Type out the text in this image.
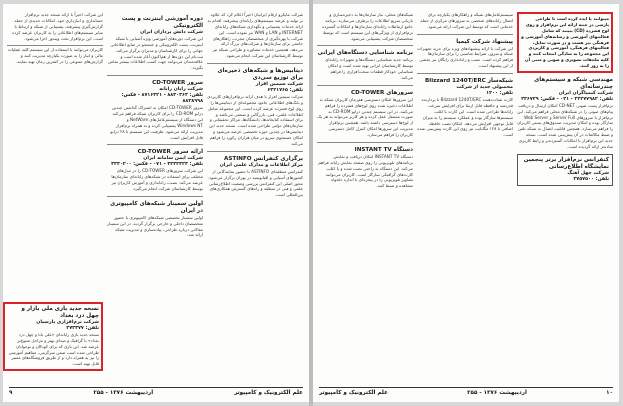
شرکت مایکرو ارقام ایرانیان اخیراً اعلام کرد که علاوه بر تولید و عرضه سیستم‌های رایانه‌ای پیشرفته، اقدام به ارائه خدمات پشتیبانی و نگهداری شبکه‌های رایانه‌ای INTERNET و LAN و WAN نیز نموده است. این شرکت با بهره‌گیری از متخصصان مجرب، راهکارهای جامعی برای سازمان‌ها و شرکت‌های بزرگ ارائه می‌دهد. همچنین خدمات مشاوره و طراحی شبکه نیز توسط کارشناسان این شرکت انجام می‌شود.
دیتابیس‌ها و شبکه‌های ذخیره‌ای برای توزیع سی‌دی
شرکت سیمین افزار
تلفن: ۶۴۲۱۷۶۵
شرکت سیمین افزار با هدف ارائه نرم‌افزارهای کاربردی و بانک‌های اطلاعاتی جامع، مجموعه‌ای از دیتابیس‌ها را روی لوح فشرده عرضه کرده است. این مجموعه شامل اطلاعات علمی، فنی، بازرگانی و صنعتی می‌باشد و برای استفاده کتابخانه‌ها، دانشگاه‌ها، مراکز تحقیقاتی و سازمان‌های دولتی طراحی شده است. نسخه جدید این دیتابیس‌ها در چندین حوزه تخصصی عرضه می‌شود و امکان جستجوی سریع در میان هزاران رکورد را فراهم می‌کند.
برگزاری کنفرانس ASTINFO
مرکز اطلاعات و مدارک علمی ایران
کنفرانس منطقه‌ای ASTINFO با حضور نمایندگانی از کشورهای آسیایی و اقیانوسیه در تهران برگزار می‌شود. محور اصلی این کنفرانس بررسی وضعیت اطلاع‌رسانی علمی و فنی در منطقه و راه‌های گسترش همکاری‌های بین‌المللی است.
دوره آموزشی اینترنت و پست الکترونیکی
شرکت دانش پردازان ایران
این شرکت دوره‌های آموزشی ویژه آشنایی با شبکه اینترنت، پست الکترونیکی و جستجو در منابع اطلاعاتی جهانی را برای کارشناسان و مدیران برگزار می‌کند. ثبت‌نام این دوره‌ها از هم‌اکنون آغاز شده است و علاقه‌مندان می‌توانند جهت کسب اطلاعات بیشتر تماس بگیرند.
سرور CD-TOWER
شرکت رایان رایانه
تلفن: ۸۸۳۰۴۶۴ - ۸۷۱۶۳۲۱ - فکس: ۸۸۳۸۹۹۸
سرور CD-TOWER امکان به اشتراک گذاشتن چندین درایو CD-ROM را برای کاربران شبکه فراهم می‌کند. این دستگاه از سیستم‌عامل‌های NetWare و Windows NT پشتیبانی کرده و به همراه نرم‌افزار مدیریت ارائه می‌شود. ظرفیت این سیستم تا ۲۸ درایو قابل افزایش است.
ارائه سرور CD-TOWER
شرکت ایمن سامانه ایران
تلفن: ۳۴۳۴۳۲۳ - ۰۷۱ - فکس: ۳۴۳۰۲۰۰
این شرکت سرورهای CD-TOWER را در مدل‌های مختلف برای استفاده در شبکه‌های رایانه‌ای سازمان‌ها عرضه می‌کند. نصب، راه‌اندازی و آموزش کاربران نیز توسط کارشناسان شرکت انجام می‌گیرد.
اولین سمینار شبکه‌های کامپیوتری در ایران
اولین سمینار تخصصی شبکه‌های کامپیوتری با حضور متخصصان داخلی و خارجی برگزار گردید. در این سمینار مقالاتی درباره طراحی، پیاده‌سازی و مدیریت شبکه ارائه شد.
این شرکت اخیراً با ارائه نسخه جدید نرم‌افزار حسابداری و انبارداری خود، امکانات جدیدی از جمله گزارش‌گیری پیشرفته، پشتیبانی از شبکه و ارتباط با سایر سیستم‌های اطلاعاتی را به کاربران عرضه کرده است. این نرم‌افزار تحت ویندوز اجرا می‌شود.
کاربران می‌توانند با استفاده از این سیستم کلیه عملیات مالی و انبار را به صورت یکپارچه مدیریت کنند و گزارش‌های متنوعی را در کمترین زمان تهیه نمایند.
نسخه جدید بازی ملی بازار و چهل دزد بغداد
شرکت نرم‌افزاری پارسیان
تلفن: ۲۷۴۳۷۷
نسخه جدید بازی رایانه‌ای «علی بابا و چهل دزد بغداد» با گرافیک و صدای بهتر و مراحل متنوع‌تر عرضه شد. این بازی که برای کودکان و نوجوانان طراحی شده است ضمن سرگرمی، مفاهیم آموزشی را نیز به همراه دارد و از طریق فروشگاه‌های معتبر قابل تهیه است.
۹	۲۵۵ - اردیبهشت ۱۳۷۶	علم الکترونیک و کامپیوتر
میتوانند با ایده کرده است تا طراحی پارسی در جنبه ارائه این نرم‌افزار و روی لوح فشرده (CD) ببینند که شامل فعالیتهای آموزشی و رسانه‌های آموزشی و فرهنگی نیز هست و در صورت تمایل، فعالیتهای فرهنگی، آموزشی و کاربردی این مجموعه را به سادگی انتخاب کنند و کلیه ملحقات تصویری و صوتی و متنی آن را به روز کنند.
مهندسی شبکه و سیستم‌های چندرسانه‌ای
شرکت کیمیاگران ایران
تلفن: ۲۲۲۷۷۹۸۲ - ۰۲۱ - فکس: ۲۴۶۷۲۹
نرم‌افزار پست صوتی CD-NET امکان ارسال و دریافت پیام‌های صوتی را در شبکه‌های محلی فراهم می‌کند. این نرم‌افزار با سرورهای Server Full و Web Server سازگار بوده و امکان مدیریت صندوق‌های پستی کاربران را فراهم می‌سازد. همچنین قابلیت اتصال به شبکه تلفن و ضبط مکالمات در آن پیش‌بینی شده است. نسخه جدید این نرم‌افزار با امکانات گسترده‌تر و رابط کاربری ساده‌تر ارائه گردیده است.
کنفرانس نرم‌افزار برتر پنجمین نمایشگاه اطلاع‌رسانی
شرکت چهل آهنگ
تلفن: ۲۷۵۷۵۰۰
سیستم‌عامل‌های شبکه و راهکارهای یکپارچه برای اتصال رایانه‌های شخصی به سرورهای مرکزی از جمله خدماتی است که توسط این شرکت ارائه می‌شود.
پیشنهاد شرکت کیمیا
این شرکت با ارائه پیشنهادهای ویژه برای خرید تجهیزات شبکه و سرور، شرایط مناسبی را برای سازمان‌ها فراهم کرده است. نصب و راه‌اندازی رایگان نیز بخشی از این پیشنهاد است.
شبکه‌ساز Blizzard 1240T/ERC
محصولی جدید از شرکت
تلفن: ۱۴۰۰
کارت شتاب‌دهنده Blizzard 1240T/ERC با پردازنده قدرتمند و حافظه قابل ارتقا برای افزایش سرعت رایانه‌ها طراحی شده است. این کارت با اغلب سیستم‌ها سازگار بوده و عملکرد سیستم را به میزان قابل توجهی افزایش می‌دهد. امکان نصب حافظه اضافی تا ۱۲۸ مگابایت نیز روی این کارت پیش‌بینی شده است.
شبکه‌های محلی، نیاز سازمان‌ها به ذخیره‌سازی و بازیابی سریع اطلاعات را برطرف می‌سازند. برنامه جامع ارتباطات رایانه‌ای سازمان‌ها و امکانات گسترده نرم‌افزاری از ویژگی‌های این سیستم است که توسط متخصصان شرکت پشتیبانی می‌شود.
برنامه شناسایی دستگاه‌های ایرانی
برنامه جدید شناسایی دستگاه‌ها و تجهیزات رایانه‌ای توسط کارشناسان ایرانی تهیه شده است و امکان شناسایی خودکار قطعات سخت‌افزاری را فراهم می‌کند.
سرورهای CD-TOWER
این سرورها امکان دسترسی هم‌زمان کاربران شبکه به اطلاعات ذخیره شده روی لوح‌های فشرده را فراهم می‌کنند. در این سیستم چندین درایو CD-ROM به صورت مستقل عمل کرده و هر کاربر می‌تواند به هر یک از لوح‌ها دسترسی داشته باشد. همچنین نرم‌افزار مدیریت این سرورها امکان کنترل کامل دسترسی کاربران را فراهم می‌سازد.
دستگاه INSTANT TV
دستگاه INSTANT TV امکان دریافت و نمایش برنامه‌های تلویزیونی را روی صفحه نمایش رایانه فراهم می‌کند. این دستگاه به راحتی نصب شده و با اغلب کارت‌های گرافیکی سازگار است. کاربران می‌توانند تصاویر تلویزیونی را در پنجره‌ای با اندازه دلخواه مشاهده و ضبط کنند.
علم الکترونیک و کامپیوتر	۲۵۵ - اردیبهشت ۱۳۷۶	۱۰
